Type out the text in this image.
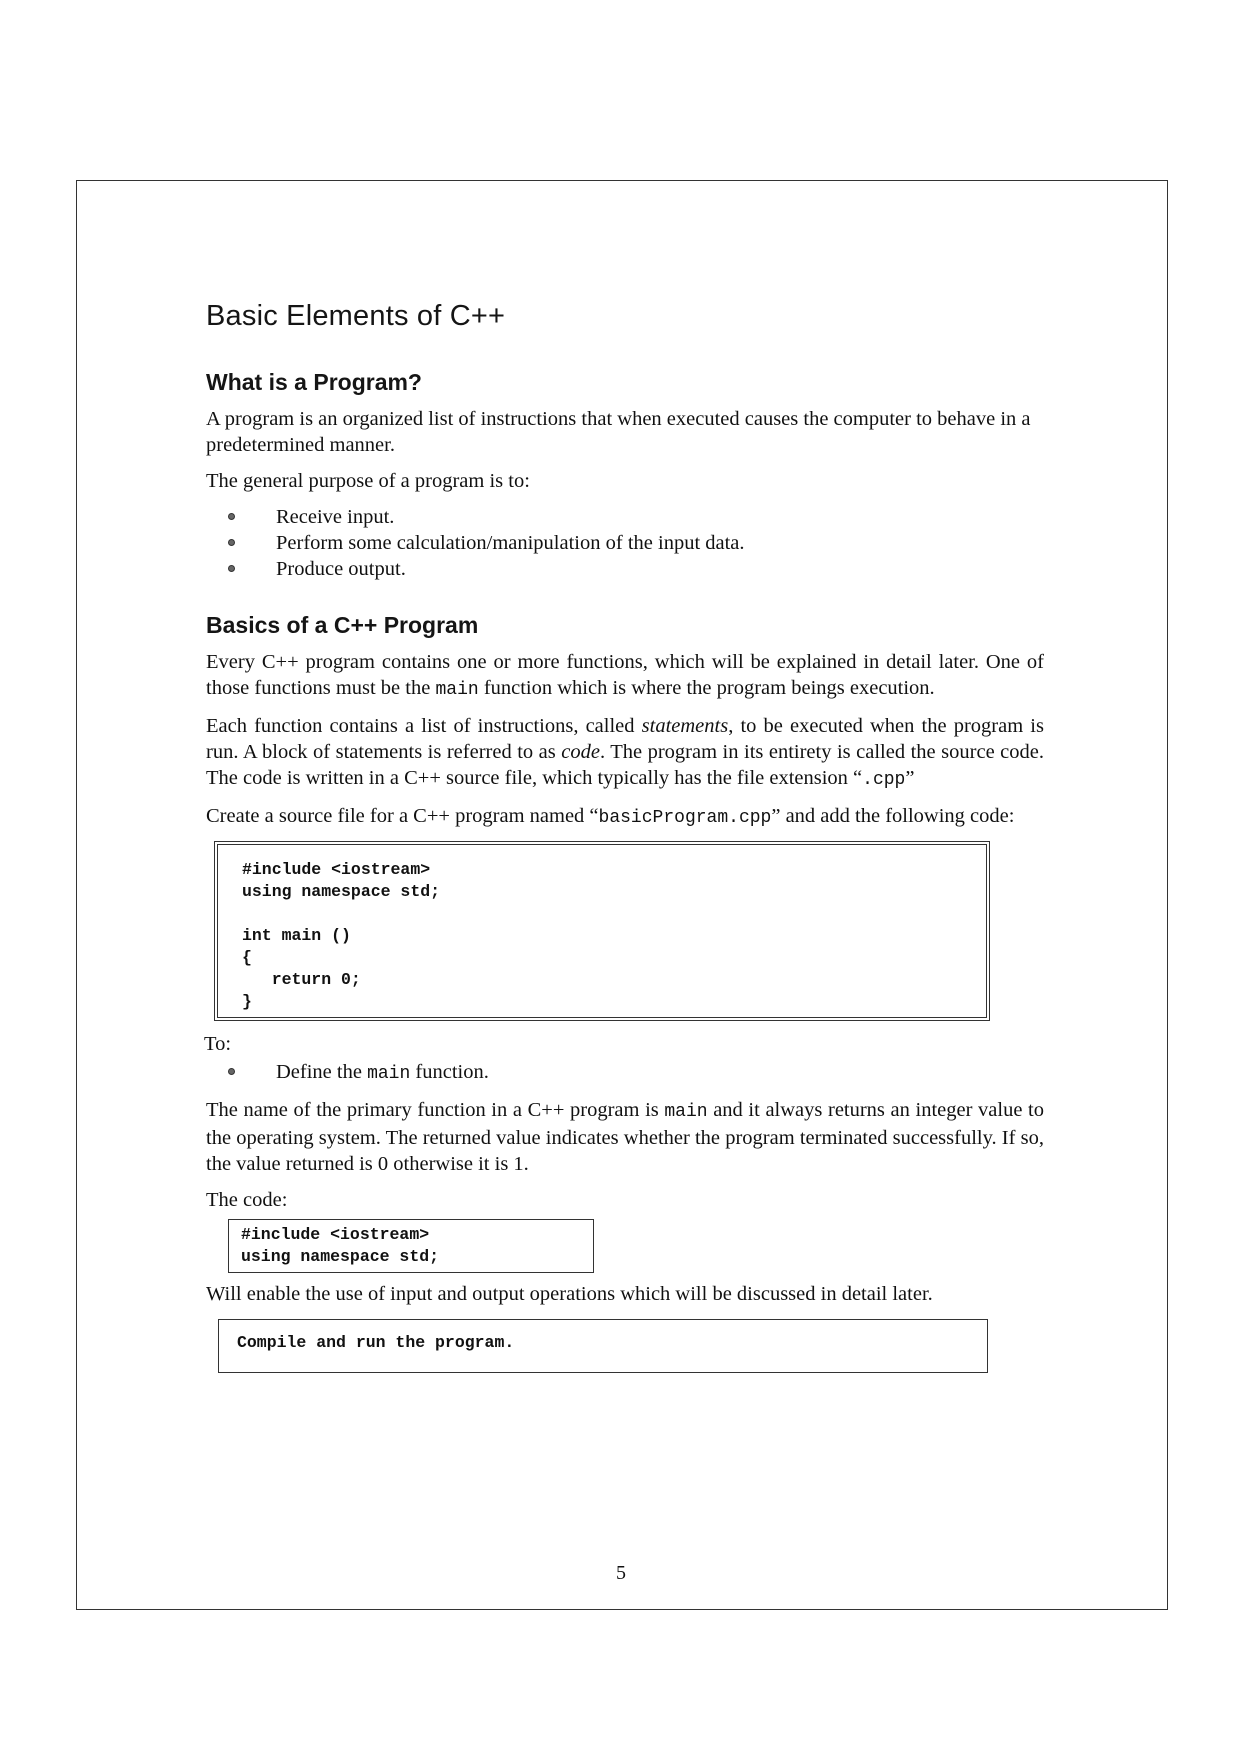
Basic Elements of C++
What is a Program?

A program is an organized list of instructions that when executed causes the computer to behave in a predetermined manner.

The general purpose of a program is to:

Receive input.
Perform some calculation/manipulation of the input data.
Produce output.
Basics of a C++ Program

Every C++ program contains one or more functions, which will be explained in detail later. One of those functions must be the main function which is where the program beings execution.

Each function contains a list of instructions, called statements, to be executed when the program is run. A block of statements is referred to as code. The program in its entirety is called the source code. The code is written in a C++ source file, which typically has the file extension “.cpp”

Create a source file for a C++ program named “basicProgram.cpp” and add the following code:

#include <iostream>
using namespace std;

int main ()
{
return 0;
}

To:

Define the main function.

The name of the primary function in a C++ program is main and it always returns an integer value to the operating system. The returned value indicates whether the program terminated successfully. If so, the value returned is 0 otherwise it is 1.

The code:

#include <iostream>
using namespace std;

Will enable the use of input and output operations which will be discussed in detail later.

Compile and run the program.
5
